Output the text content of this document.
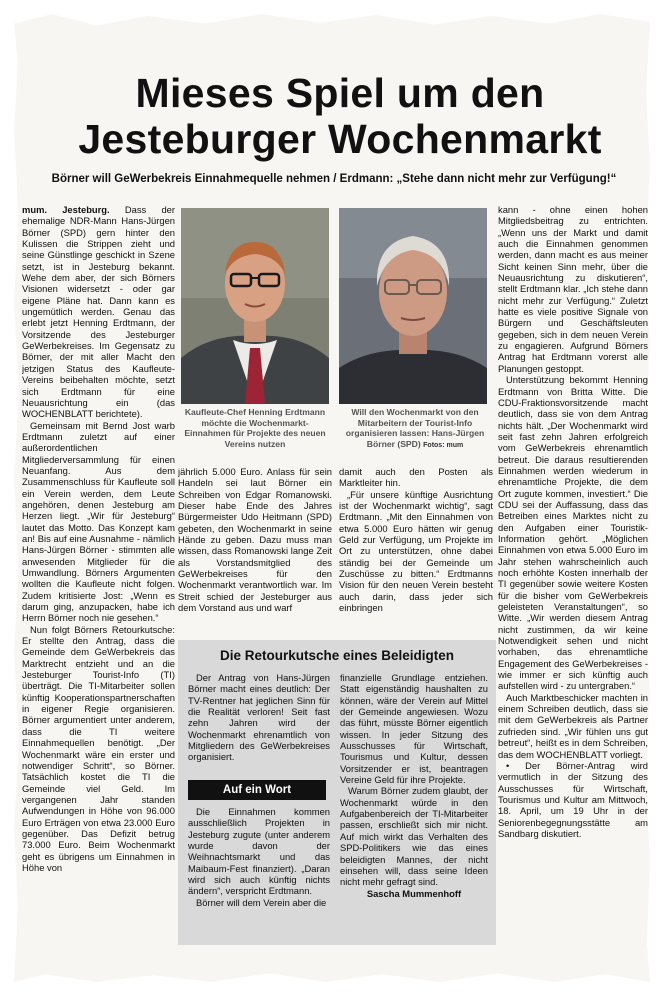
Mieses Spiel um den Jesteburger Wochenmarkt
Börner will GeWerbekreis Einnahmequelle nehmen / Erdmann: „Stehe dann nicht mehr zur Verfügung!“

mum. Jesteburg. Dass der ehemalige NDR-Mann Hans-Jürgen Börner (SPD) gern hinter den Kulissen die Strippen zieht und seine Günstlinge geschickt in Szene setzt, ist in Jesteburg bekannt. Wehe dem aber, der sich Börners Visionen widersetzt - oder gar eigene Pläne hat. Dann kann es ungemütlich werden. Genau das erlebt jetzt Henning Erdtmann, der Vorsitzende des Jesteburger GeWerbekreises. Im Gegensatz zu Börner, der mit aller Macht den jetzigen Status des Kaufleute-Vereins beibehalten möchte, setzt sich Erdtmann für eine Neuausrichtung ein (das WOCHENBLATT berichtete).

Gemeinsam mit Bernd Jost warb Erdtmann zuletzt auf einer außerordentlichen Mitgliederversammlung für einen Neuanfang. Aus dem Zusammenschluss für Kaufleute soll ein Verein werden, dem Leute angehören, denen Jesteburg am Herzen liegt. „Wir für Jesteburg“ lautet das Motto. Das Konzept kam an! Bis auf eine Ausnahme - nämlich Hans-Jürgen Börner - stimmten alle anwesenden Mitglieder für die Umwandlung. Börners Argumenten wollten die Kaufleute nicht folgen. Zudem kritisierte Jost: „Wenn es darum ging, anzupacken, habe ich Herrn Börner noch nie gesehen.“

Nun folgt Börners Retourkutsche: Er stellte den Antrag, dass die Gemeinde dem GeWerbekreis das Marktrecht entzieht und an die Jesteburger Tourist-Info (TI) überträgt. Die TI-Mitarbeiter sollen künftig Kooperationspartnerschaften in eigener Regie organisieren. Börner argumentiert unter anderem, dass die TI weitere Einnahmequellen benötigt. „Der Wochenmarkt wäre ein erster und notwendiger Schritt“, so Börner. Tatsächlich kostet die TI die Gemeinde viel Geld. Im vergangenen Jahr standen Aufwendungen in Höhe von 96.000 Euro Erträgen von etwa 23.000 Euro gegenüber. Das Defizit betrug 73.000 Euro. Beim Wochenmarkt geht es übrigens um Einnahmen in Höhe von

Kaufleute-Chef Henning Erdtmann möchte die Wochenmarkt-Einnahmen für Projekte des neuen Vereins nutzen
Will den Wochenmarkt von den Mitarbeitern der Tourist-Info organisieren lassen: Hans-Jürgen Börner (SPD) Fotos: mum

jährlich 5.000 Euro. Anlass für sein Handeln sei laut Börner ein Schreiben von Edgar Romanowski. Dieser habe Ende des Jahres Bürgermeister Udo Heitmann (SPD) gebeten, den Wochenmarkt in seine Hände zu geben. Dazu muss man wissen, dass Romanowski lange Zeit als Vorstandsmitglied des GeWerbekreises für den Wochenmarkt verantwortlich war. Im Streit schied der Jesteburger aus dem Vorstand aus und warf

damit auch den Posten als Marktleiter hin.

„Für unsere künftige Ausrichtung ist der Wochenmarkt wichtig“, sagt Erdtmann. „Mit den Einnahmen von etwa 5.000 Euro hätten wir genug Geld zur Verfügung, um Projekte im Ort zu unterstützen, ohne dabei ständig bei der Gemeinde um Zuschüsse zu bitten.“ Erdtmanns Vision für den neuen Verein besteht auch darin, dass jeder sich einbringen

kann - ohne einen hohen Mitgliedsbeitrag zu entrichten. „Wenn uns der Markt und damit auch die Einnahmen genommen werden, dann macht es aus meiner Sicht keinen Sinn mehr, über die Neuausrichtung zu diskutieren“, stellt Erdtmann klar. „Ich stehe dann nicht mehr zur Verfügung.“ Zuletzt hatte es viele positive Signale von Bürgern und Geschäftsleuten gegeben, sich in dem neuen Verein zu engagieren. Aufgrund Börners Antrag hat Erdtmann vorerst alle Planungen gestoppt.

Unterstützung bekommt Henning Erdtmann von Britta Witte. Die CDU-Fraktionsvorsitzende macht deutlich, dass sie von dem Antrag nichts hält. „Der Wochenmarkt wird seit fast zehn Jahren erfolgreich vom GeWerbekreis ehrenamtlich betreut. Die daraus resultierenden Einnahmen werden wiederum in ehrenamtliche Projekte, die dem Ort zugute kommen, investiert.“ Die CDU sei der Auffassung, dass das Betreiben eines Marktes nicht zu den Aufgaben einer Touristik-Information gehört. „Möglichen Einnahmen von etwa 5.000 Euro im Jahr stehen wahrscheinlich auch noch erhöhte Kosten innerhalb der TI gegenüber sowie weitere Kosten für die bisher vom GeWerbekreis geleisteten Veranstaltungen“, so Witte. „Wir werden diesem Antrag nicht zustimmen, da wir keine Notwendigkeit sehen und nicht vorhaben, das ehrenamtliche Engagement des GeWerbekreises - wie immer er sich künftig auch aufstellen wird - zu untergraben.“

Auch Marktbeschicker machten in einem Schreiben deutlich, dass sie mit dem GeWerbekreis als Partner zufrieden sind. „Wir fühlen uns gut betreut“, heißt es in dem Schreiben, das dem WOCHENBLATT vorliegt.

• Der Börner-Antrag wird vermutlich in der Sitzung des Ausschusses für Wirtschaft, Tourismus und Kultur am Mittwoch, 18. April, um 19 Uhr in der Seniorenbegegnungsstätte am Sandbarg diskutiert.

Die Retourkutsche eines Beleidigten

Der Antrag von Hans-Jürgen Börner macht eines deutlich: Der TV-Rentner hat jeglichen Sinn für die Realität verloren! Seit fast zehn Jahren wird der Wochenmarkt ehrenamtlich von Mitgliedern des GeWerbekreises organisiert.

Auf ein Wort

Die Einnahmen kommen ausschließlich Projekten in Jesteburg zugute (unter anderem wurde davon der Weihnachtsmarkt und das Maibaum-Fest finanziert). „Daran wird sich auch künftig nichts ändern“, verspricht Erdtmann.

Börner will dem Verein aber die

finanzielle Grundlage entziehen. Statt eigenständig haushalten zu können, wäre der Verein auf Mittel der Gemeinde angewiesen. Wozu das führt, müsste Börner eigentlich wissen. In jeder Sitzung des Ausschusses für Wirtschaft, Tourismus und Kultur, dessen Vorsitzender er ist, beantragen Vereine Geld für ihre Projekte.

Warum Börner zudem glaubt, der Wochenmarkt würde in den Aufgabenbereich der TI-Mitarbeiter passen, erschließt sich mir nicht. Auf mich wirkt das Verhalten des SPD-Politikers wie das eines beleidigten Mannes, der nicht einsehen will, dass seine Ideen nicht mehr gefragt sind.

Sascha Mummenhoff
